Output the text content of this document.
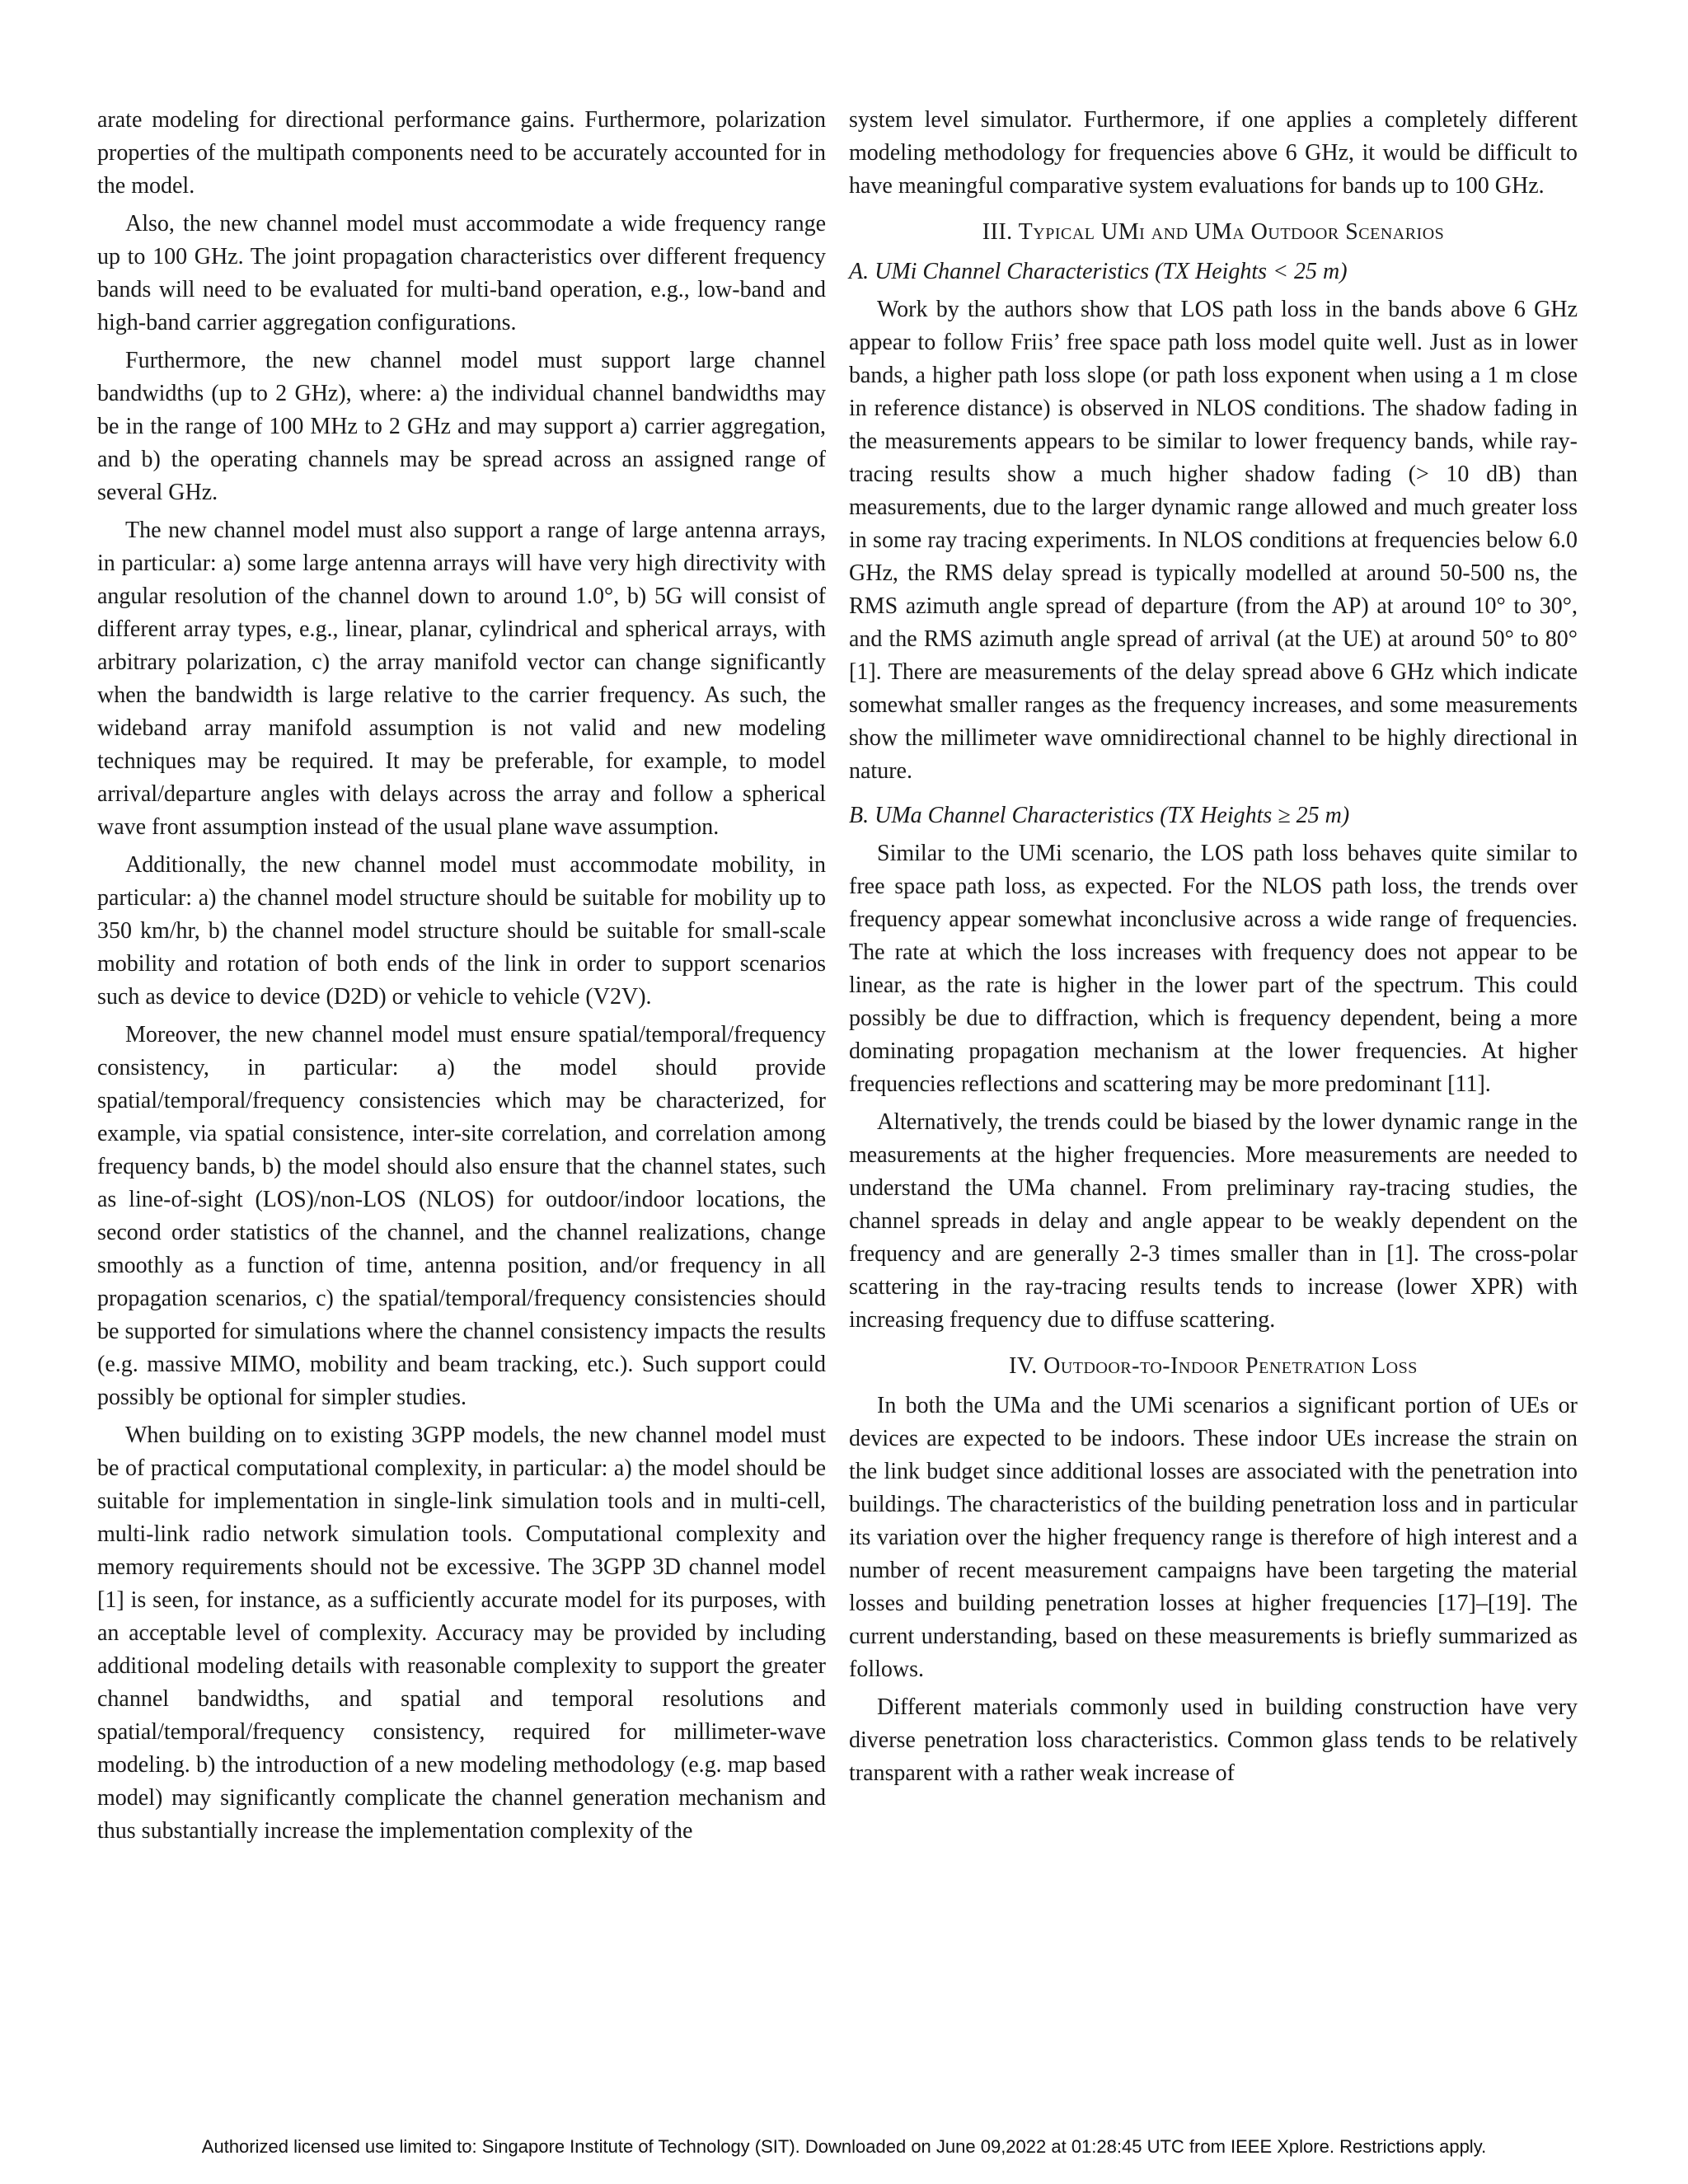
arate modeling for directional performance gains. Furthermore, polarization properties of the multipath components need to be accurately accounted for in the model.

Also, the new channel model must accommodate a wide frequency range up to 100 GHz. The joint propagation characteristics over different frequency bands will need to be evaluated for multi-band operation, e.g., low-band and high-band carrier aggregation configurations.

Furthermore, the new channel model must support large channel bandwidths (up to 2 GHz), where: a) the individual channel bandwidths may be in the range of 100 MHz to 2 GHz and may support a) carrier aggregation, and b) the operating channels may be spread across an assigned range of several GHz.

The new channel model must also support a range of large antenna arrays, in particular: a) some large antenna arrays will have very high directivity with angular resolution of the channel down to around 1.0°, b) 5G will consist of different array types, e.g., linear, planar, cylindrical and spherical arrays, with arbitrary polarization, c) the array manifold vector can change significantly when the bandwidth is large relative to the carrier frequency. As such, the wideband array manifold assumption is not valid and new modeling techniques may be required. It may be preferable, for example, to model arrival/departure angles with delays across the array and follow a spherical wave front assumption instead of the usual plane wave assumption.

Additionally, the new channel model must accommodate mobility, in particular: a) the channel model structure should be suitable for mobility up to 350 km/hr, b) the channel model structure should be suitable for small-scale mobility and rotation of both ends of the link in order to support scenarios such as device to device (D2D) or vehicle to vehicle (V2V).

Moreover, the new channel model must ensure spatial/temporal/frequency consistency, in particular: a) the model should provide spatial/temporal/frequency consistencies which may be characterized, for example, via spatial consistence, inter-site correlation, and correlation among frequency bands, b) the model should also ensure that the channel states, such as line-of-sight (LOS)/non-LOS (NLOS) for outdoor/indoor locations, the second order statistics of the channel, and the channel realizations, change smoothly as a function of time, antenna position, and/or frequency in all propagation scenarios, c) the spatial/temporal/frequency consistencies should be supported for simulations where the channel consistency impacts the results (e.g. massive MIMO, mobility and beam tracking, etc.). Such support could possibly be optional for simpler studies.

When building on to existing 3GPP models, the new channel model must be of practical computational complexity, in particular: a) the model should be suitable for implementation in single-link simulation tools and in multi-cell, multi-link radio network simulation tools. Computational complexity and memory requirements should not be excessive. The 3GPP 3D channel model [1] is seen, for instance, as a sufficiently accurate model for its purposes, with an acceptable level of complexity. Accuracy may be provided by including additional modeling details with reasonable complexity to support the greater channel bandwidths, and spatial and temporal resolutions and spatial/temporal/frequency consistency, required for millimeter-wave modeling. b) the introduction of a new modeling methodology (e.g. map based model) may significantly complicate the channel generation mechanism and thus substantially increase the implementation complexity of the

system level simulator. Furthermore, if one applies a completely different modeling methodology for frequencies above 6 GHz, it would be difficult to have meaningful comparative system evaluations for bands up to 100 GHz.

III. Typical UMi and UMa Outdoor Scenarios
A. UMi Channel Characteristics (TX Heights < 25 m)

Work by the authors show that LOS path loss in the bands above 6 GHz appear to follow Friis’ free space path loss model quite well. Just as in lower bands, a higher path loss slope (or path loss exponent when using a 1 m close in reference distance) is observed in NLOS conditions. The shadow fading in the measurements appears to be similar to lower frequency bands, while ray-tracing results show a much higher shadow fading (> 10 dB) than measurements, due to the larger dynamic range allowed and much greater loss in some ray tracing experiments. In NLOS conditions at frequencies below 6.0 GHz, the RMS delay spread is typically modelled at around 50-500 ns, the RMS azimuth angle spread of departure (from the AP) at around 10° to 30°, and the RMS azimuth angle spread of arrival (at the UE) at around 50° to 80° [1]. There are measurements of the delay spread above 6 GHz which indicate somewhat smaller ranges as the frequency increases, and some measurements show the millimeter wave omnidirectional channel to be highly directional in nature.

B. UMa Channel Characteristics (TX Heights ≥ 25 m)

Similar to the UMi scenario, the LOS path loss behaves quite similar to free space path loss, as expected. For the NLOS path loss, the trends over frequency appear somewhat inconclusive across a wide range of frequencies. The rate at which the loss increases with frequency does not appear to be linear, as the rate is higher in the lower part of the spectrum. This could possibly be due to diffraction, which is frequency dependent, being a more dominating propagation mechanism at the lower frequencies. At higher frequencies reflections and scattering may be more predominant [11].

Alternatively, the trends could be biased by the lower dynamic range in the measurements at the higher frequencies. More measurements are needed to understand the UMa channel. From preliminary ray-tracing studies, the channel spreads in delay and angle appear to be weakly dependent on the frequency and are generally 2-3 times smaller than in [1]. The cross-polar scattering in the ray-tracing results tends to increase (lower XPR) with increasing frequency due to diffuse scattering.

IV. Outdoor-to-Indoor Penetration Loss

In both the UMa and the UMi scenarios a significant portion of UEs or devices are expected to be indoors. These indoor UEs increase the strain on the link budget since additional losses are associated with the penetration into buildings. The characteristics of the building penetration loss and in particular its variation over the higher frequency range is therefore of high interest and a number of recent measurement campaigns have been targeting the material losses and building penetration losses at higher frequencies [17]–[19]. The current understanding, based on these measurements is briefly summarized as follows.

Different materials commonly used in building construction have very diverse penetration loss characteristics. Common glass tends to be relatively transparent with a rather weak increase of

Authorized licensed use limited to: Singapore Institute of Technology (SIT). Downloaded on June 09,2022 at 01:28:45 UTC from IEEE Xplore. Restrictions apply.
